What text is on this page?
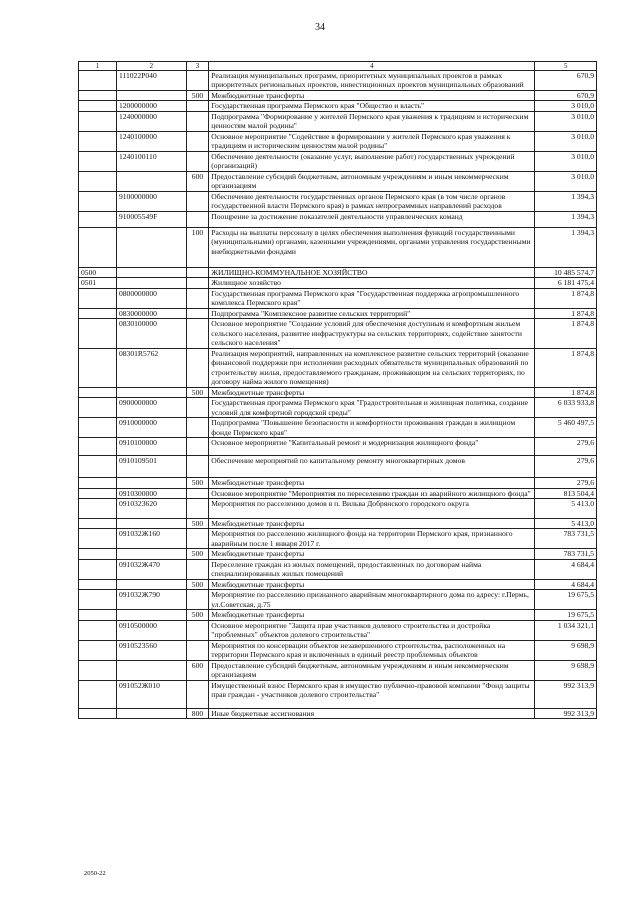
34
1	2	3	4	5
	111022P040		Реализация муниципальных программ, приоритетных муниципальных проектов в рамках приоритетных региональных проектов, инвестиционных проектов муниципальных образований	670,9
		500	Межбюджетные трансферты	670,9
	1200000000		Государственная программа Пермского края "Общество и власть"	3 010,0
	1240000000		Подпрограмма "Формирование у жителей Пермского края уважения к традициям и историческим ценностям малой родины"	3 010,0
	1240100000		Основное мероприятие "Содействие в формировании у жителей Пермского края уважения к традициям и историческим ценностям малой родины"	3 010,0
	1240100110		Обеспечение деятельности (оказание услуг, выполнение работ) государственных учреждений (организаций)	3 010,0
		600	Предоставление субсидий бюджетным, автономным учреждениям и иным некоммерческим организациям	3 010,0
	9100000000		Обеспечение деятельности государственных органов Пермского края (в том числе органов государственной власти Пермского края) в рамках непрограммных направлений расходов	1 394,3
	910005549F		Поощрение за достижение показателей деятельности управленческих команд	1 394,3
		100	Расходы на выплаты персоналу в целях обеспечения выполнения функций государственными (муниципальными) органами, казенными учреждениями, органами управления государственными внебюджетными фондами	1 394,3
0500			ЖИЛИЩНО-КОММУНАЛЬНОЕ ХОЗЯЙСТВО	10 485 574,7
0501			Жилищное хозяйство	6 181 475,4
	0800000000		Государственная программа Пермского края "Государственная поддержка агропромышленного комплекса Пермского края"	1 874,8
	0830000000		Подпрограмма "Комплексное развитие сельских территорий"	1 874,8
	0830100000		Основное мероприятие "Создание условий для обеспечения доступным и комфортным жильем сельского населения, развитие инфраструктуры на сельских территориях, содействие занятости сельского населения"	1 874,8
	08301R5762		Реализация мероприятий, направленных на комплексное развитие сельских территорий (оказание финансовой поддержки при исполнении расходных обязательств муниципальных образований по строительству жилья, предоставляемого гражданам, проживающим на сельских территориях, по договору найма жилого помещения)	1 874,8
		500	Межбюджетные трансферты	1 874,8
	0900000000		Государственная программа Пермского края "Градостроительная и жилищная политика, создание условий для комфортной городской среды"	6 033 933,8
	0910000000		Подпрограмма "Повышение безопасности и комфортности проживания граждан в жилищном фонде Пермского края"	5 460 497,5
	0910100000		Основное мероприятие "Капитальный ремонт и модернизация жилищного фонда"	279,6
	0910109501		Обеспечение мероприятий по капитальному ремонту многоквартирных домов	279,6
		500	Межбюджетные трансферты	279,6
	0910300000		Основное мероприятие "Мероприятия по переселению граждан из аварийного жилищного фонда"	813 504,4
	0910323620		Мероприятия по расселению домов в п. Вильва Добрянского городского округа	5 413,0
		500	Межбюджетные трансферты	5 413,0
	091032Ж160		Мероприятия по расселению жилищного фонда на территории Пермского края, признанного аварийным после 1 января 2017 г.	783 731,5
		500	Межбюджетные трансферты	783 731,5
	091032Ж470		Переселение граждан из жилых помещений, предоставленных по договорам найма специализированных жилых помещений	4 684,4
		500	Межбюджетные трансферты	4 684,4
	091032Ж790		Мероприятие по расселению признанного аварийным многоквартирного дома по адресу: г.Пермь, ул.Советская, д.75	19 675,5
		500	Межбюджетные трансферты	19 675,5
	0910500000		Основное мероприятие "Защита прав участников долевого строительства и достройка "проблемных" объектов долевого строительства"	1 034 321,1
	0910523560		Мероприятия по консервации объектов незавершенного строительства, расположенных на территории Пермского края и включенных в единый реестр проблемных объектов	9 698,9
		600	Предоставление субсидий бюджетным, автономным учреждениям и иным некоммерческим организациям	9 698,9
	091052Ж010		Имущественный взнос Пермского края в имущество публично-правовой компании "Фонд защиты прав граждан - участников долевого строительства"	992 313,9
		800	Иные бюджетные ассигнования	992 313,9
2050-22
